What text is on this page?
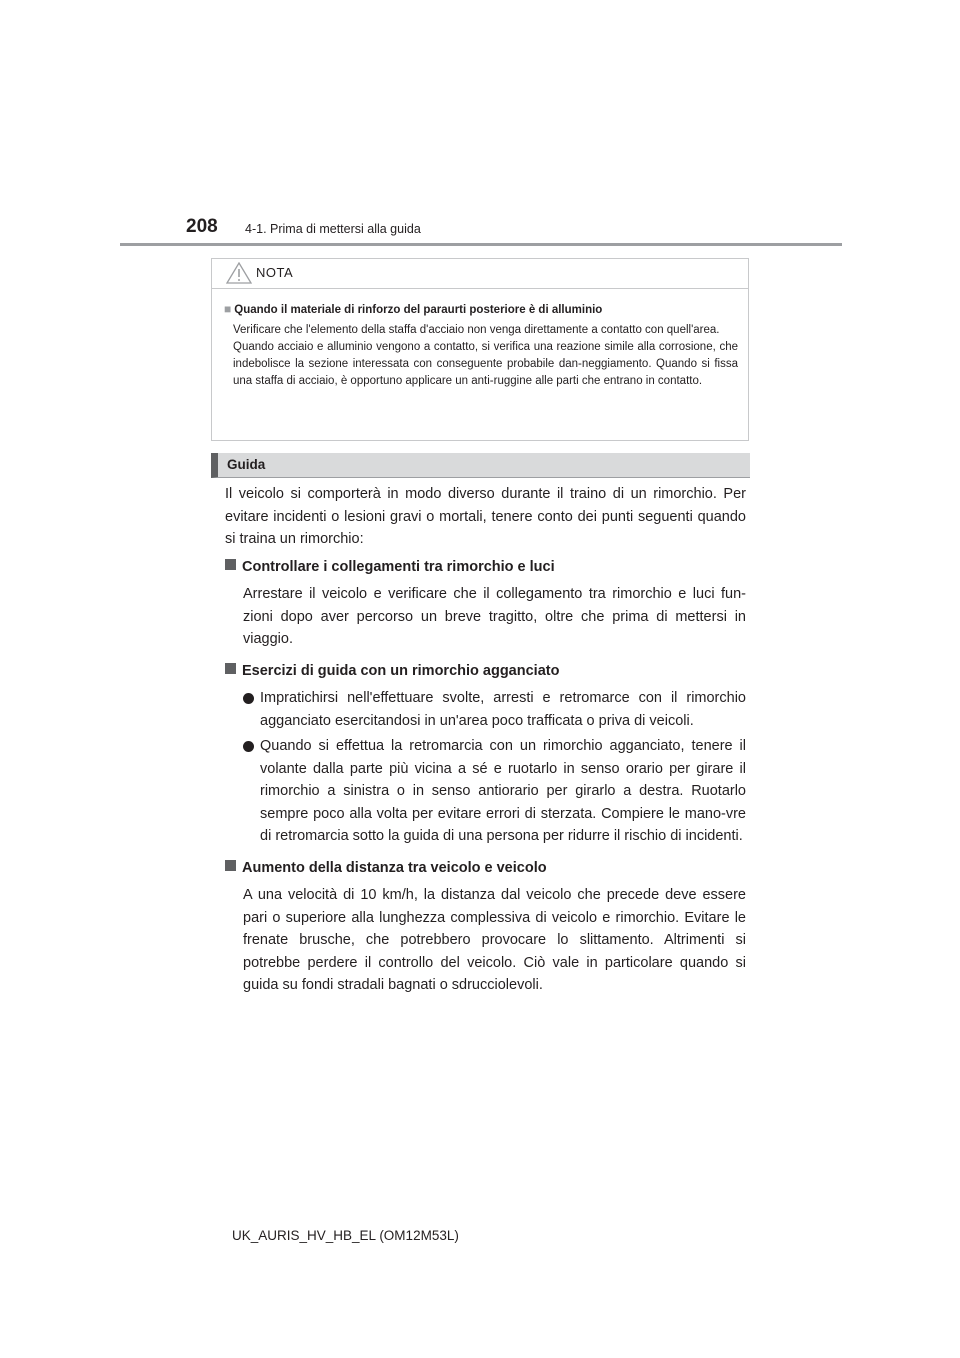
208 4-1. Prima di mettersi alla guida
NOTA
■ Quando il materiale di rinforzo del paraurti posteriore è di alluminio
Verificare che l'elemento della staffa d'acciaio non venga direttamente a contatto con quell'area.
Quando acciaio e alluminio vengono a contatto, si verifica una reazione simile alla corrosione, che indebolisce la sezione interessata con conseguente probabile dan-neggiamento. Quando si fissa una staffa di acciaio, è opportuno applicare un anti-ruggine alle parti che entrano in contatto.
Guida

Il veicolo si comporterà in modo diverso durante il traino di un rimorchio. Per evitare incidenti o lesioni gravi o mortali, tenere conto dei punti seguenti quando si traina un rimorchio:

Controllare i collegamenti tra rimorchio e luci
Arrestare il veicolo e verificare che il collegamento tra rimorchio e luci fun-zioni dopo aver percorso un breve tragitto, oltre che prima di mettersi in viaggio.
Esercizi di guida con un rimorchio agganciato
Impratichirsi nell'effettuare svolte, arresti e retromarce con il rimorchio agganciato esercitandosi in un'area poco trafficata o priva di veicoli.
Quando si effettua la retromarcia con un rimorchio agganciato, tenere il volante dalla parte più vicina a sé e ruotarlo in senso orario per girare il rimorchio a sinistra o in senso antiorario per girarlo a destra. Ruotarlo sempre poco alla volta per evitare errori di sterzata. Compiere le mano-vre di retromarcia sotto la guida di una persona per ridurre il rischio di incidenti.
Aumento della distanza tra veicolo e veicolo
A una velocità di 10 km/h, la distanza dal veicolo che precede deve essere pari o superiore alla lunghezza complessiva di veicolo e rimorchio. Evitare le frenate brusche, che potrebbero provocare lo slittamento. Altrimenti si potrebbe perdere il controllo del veicolo. Ciò vale in particolare quando si guida su fondi stradali bagnati o sdrucciolevoli.
UK_AURIS_HV_HB_EL (OM12M53L)
